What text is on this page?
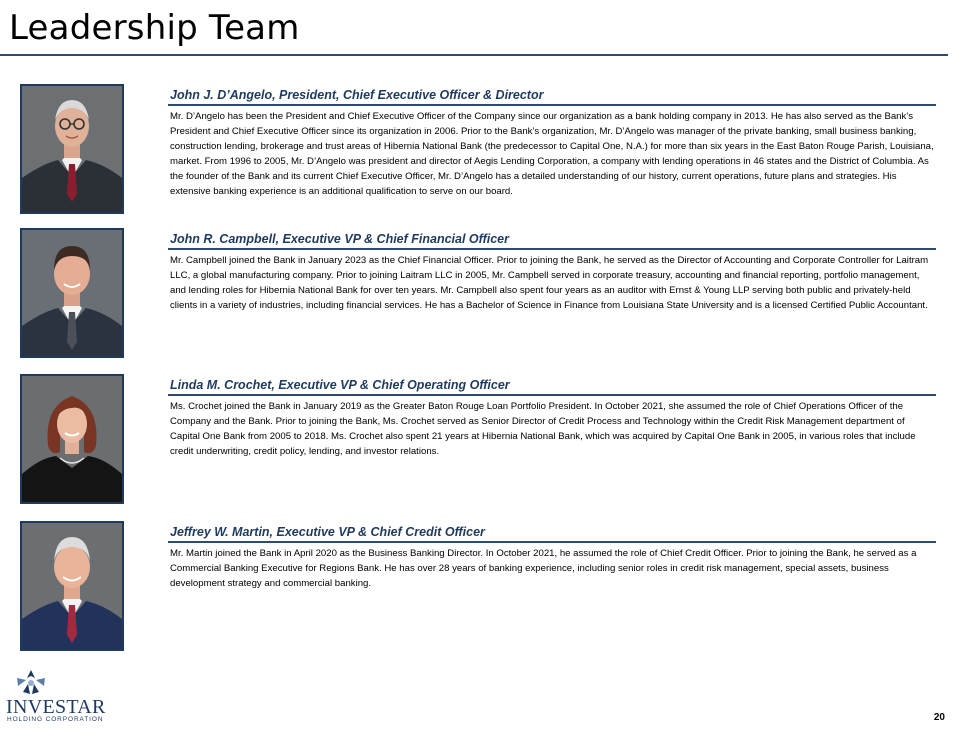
Leadership Team
John J. D’Angelo, President, Chief Executive Officer & Director
Mr. D’Angelo has been the President and Chief Executive Officer of the Company since our organization as a bank holding company in 2013. He has also served as the Bank’s President and Chief Executive Officer since its organization in 2006. Prior to the Bank’s organization, Mr. D’Angelo was manager of the private banking, small business banking, construction lending, brokerage and trust areas of Hibernia National Bank (the predecessor to Capital One, N.A.) for more than six years in the East Baton Rouge Parish, Louisiana, market. From 1996 to 2005, Mr. D’Angelo was president and director of Aegis Lending Corporation, a company with lending operations in 46 states and the District of Columbia. As the founder of the Bank and its current Chief Executive Officer, Mr. D’Angelo has a detailed understanding of our history, current operations, future plans and strategies. His extensive banking experience is an additional qualification to serve on our board.
John R. Campbell, Executive VP & Chief Financial Officer
Mr. Campbell joined the Bank in January 2023 as the Chief Financial Officer. Prior to joining the Bank, he served as the Director of Accounting and Corporate Controller for Laitram LLC, a global manufacturing company. Prior to joining Laitram LLC in 2005, Mr. Campbell served in corporate treasury, accounting and financial reporting, portfolio management, and lending roles for Hibernia National Bank for over ten years. Mr. Campbell also spent four years as an auditor with Ernst & Young LLP serving both public and privately-held clients in a variety of industries, including financial services. He has a Bachelor of Science in Finance from Louisiana State University and is a licensed Certified Public Accountant.
Linda M. Crochet, Executive VP & Chief Operating Officer
Ms. Crochet joined the Bank in January 2019 as the Greater Baton Rouge Loan Portfolio President. In October 2021, she assumed the role of Chief Operations Officer of the Company and the Bank. Prior to joining the Bank, Ms. Crochet served as Senior Director of Credit Process and Technology within the Credit Risk Management department of Capital One Bank from 2005 to 2018. Ms. Crochet also spent 21 years at Hibernia National Bank, which was acquired by Capital One Bank in 2005, in various roles that include credit underwriting, credit policy, lending, and investor relations.
Jeffrey W. Martin, Executive VP & Chief Credit Officer
Mr. Martin joined the Bank in April 2020 as the Business Banking Director. In October 2021, he assumed the role of Chief Credit Officer. Prior to joining the Bank, he served as a Commercial Banking Executive for Regions Bank. He has over 28 years of banking experience, including senior roles in credit risk management, special assets, business development strategy and commercial banking.
INVESTAR
HOLDING CORPORATION	20
